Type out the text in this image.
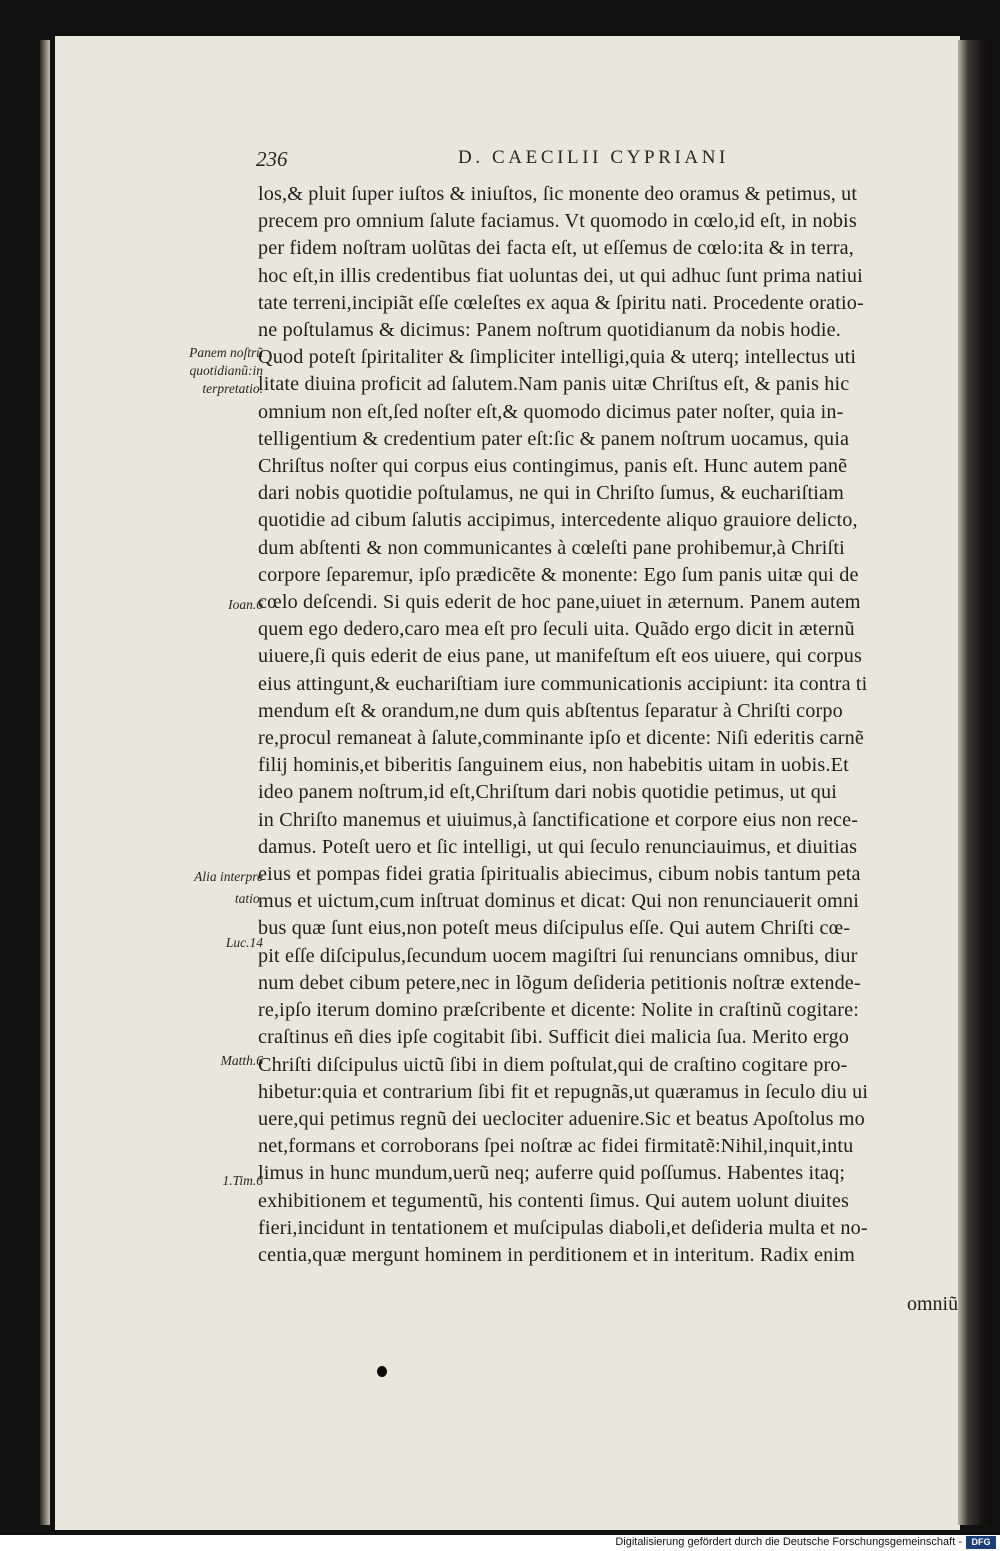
236	D. CAECILII CYPRIANI
los,& pluit ſuper iuſtos & iniuſtos, ſic monente deo oramus & petimus, ut
precem pro omnium ſalute faciamus. Vt quomodo in cœlo,id eſt, in nobis
per fidem noſtram uolũtas dei facta eſt, ut eſſemus de cœlo:ita & in terra,
hoc eſt,in illis credentibus fiat uoluntas dei, ut qui adhuc ſunt prima natiui
tate terreni,incipiãt eſſe cœleſtes ex aqua & ſpiritu nati. Procedente oratio-
ne poſtulamus & dicimus: Panem noſtrum quotidianum da nobis hodie.
Quod poteſt ſpiritaliter & ſimpliciter intelligi,quia & uterq; intellectus uti
litate diuina proficit ad ſalutem.Nam panis uitæ Chriſtus eſt, & panis hic
omnium non eſt,ſed noſter eſt,& quomodo dicimus pater noſter, quia in-
telligentium & credentium pater eſt:ſic & panem noſtrum uocamus, quia
Chriſtus noſter qui corpus eius contingimus, panis eſt. Hunc autem panẽ
dari nobis quotidie poſtulamus, ne qui in Chriſto ſumus, & euchariſtiam
quotidie ad cibum ſalutis accipimus, intercedente aliquo grauiore delicto,
dum abſtenti & non communicantes à cœleſti pane prohibemur,à Chriſti
corpore ſeparemur, ipſo prædicẽte & monente: Ego ſum panis uitæ qui de
cœlo deſcendi. Si quis ederit de hoc pane,uiuet in æternum. Panem autem
quem ego dedero,caro mea eſt pro ſeculi uita. Quãdo ergo dicit in æternũ
uiuere,ſi quis ederit de eius pane, ut manifeſtum eſt eos uiuere, qui corpus
eius attingunt,& euchariſtiam iure communicationis accipiunt: ita contra ti
mendum eſt & orandum,ne dum quis abſtentus ſeparatur à Chriſti corpo
re,procul remaneat à ſalute,comminante ipſo et dicente: Niſi ederitis carnẽ
filij hominis,et biberitis ſanguinem eius, non habebitis uitam in uobis.Et
ideo panem noſtrum,id eſt,Chriſtum dari nobis quotidie petimus, ut qui
in Chriſto manemus et uiuimus,à ſanctificatione et corpore eius non rece-
damus. Poteſt uero et ſic intelligi, ut qui ſeculo renunciauimus, et diuitias
eius et pompas fidei gratia ſpiritualis abiecimus, cibum nobis tantum peta
mus et uictum,cum inſtruat dominus et dicat: Qui non renunciauerit omni
bus quæ ſunt eius,non poteſt meus diſcipulus eſſe. Qui autem Chriſti cœ-
pit eſſe diſcipulus,ſecundum uocem magiſtri ſui renuncians omnibus, diur
num debet cibum petere,nec in lõgum deſideria petitionis noſtræ extende-
re,ipſo iterum domino præſcribente et dicente: Nolite in craſtinũ cogitare:
craſtinus eñ dies ipſe cogitabit ſibi. Sufficit diei malicia ſua. Merito ergo
Chriſti diſcipulus uictũ ſibi in diem poſtulat,qui de craſtino cogitare pro-
hibetur:quia et contrarium ſibi fit et repugnãs,ut quæramus in ſeculo diu ui
uere,qui petimus regnũ dei ueclociter aduenire.Sic et beatus Apoſtolus mo
net,formans et corroborans ſpei noſtræ ac fidei firmitatẽ:Nihil,inquit,intu
limus in hunc mundum,uerũ neq; auferre quid poſſumus. Habentes itaq;
exhibitionem et tegumentũ, his contenti ſimus. Qui autem uolunt diuites
fieri,incidunt in tentationem et muſcipulas diaboli,et deſideria multa et no-
centia,quæ mergunt hominem in perditionem et in interitum. Radix enim
Panem noſtrũ
quotidianũ:in
terpretatio.
Ioan.6
Alia interpre
tatio.
Luc.14
Matth.6
1.Tim.6
omniũ
Digitalisierung gefördert durch die Deutsche Forschungsgemeinschaft -	DFG
